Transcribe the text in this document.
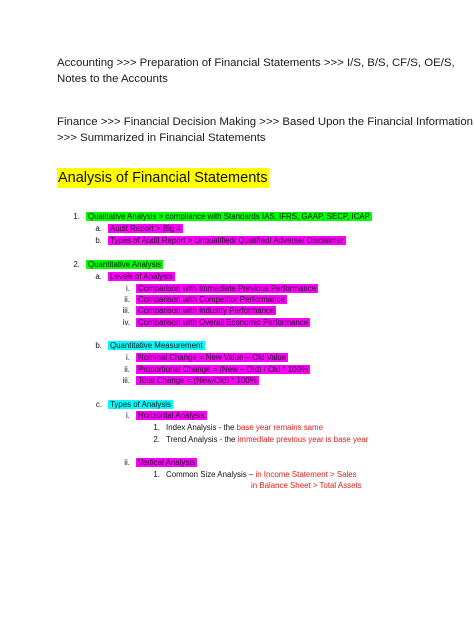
Accounting >>> Preparation of Financial Statements >>> I/S, B/S, CF/S, OE/S,
Notes to the Accounts
Finance >>> Financial Decision Making >>> Based Upon the Financial Information
>>> Summarized in Financial Statements
Analysis of Financial Statements
1. Qualitative Analysis > compliance with Standards IAS, IFRS, GAAP, SECP, ICAP
a. Audit Report > Big 4
b. Types of Audit Report > Unqualified/ Qualified/ Adverse/ Disclaimer
2. Quantitative Analysis
a. Levels of Analysis
i. Comparison with Immediate Previous Performance
ii. Comparison with Competitor Performance
iii. Comparison with Industry Performance
iv. Comparison with Overall Economic Performance
b. Quantitative Measurement
i. Nominal Change = New Value – Old Value
ii. Proportional Change = (New – Old) / Old * 100%
iii. Total Change = (New/Old) * 100%
c. Types of Analysis
i. Horizontal Analysis
1. Index Analysis - the base year remains same
2. Trend Analysis - the immediate previous year is base year
ii. Vertical Analysis
1. Common Size Analysis – in Income Statement > Sales
in Balance Sheet > Total Assets
